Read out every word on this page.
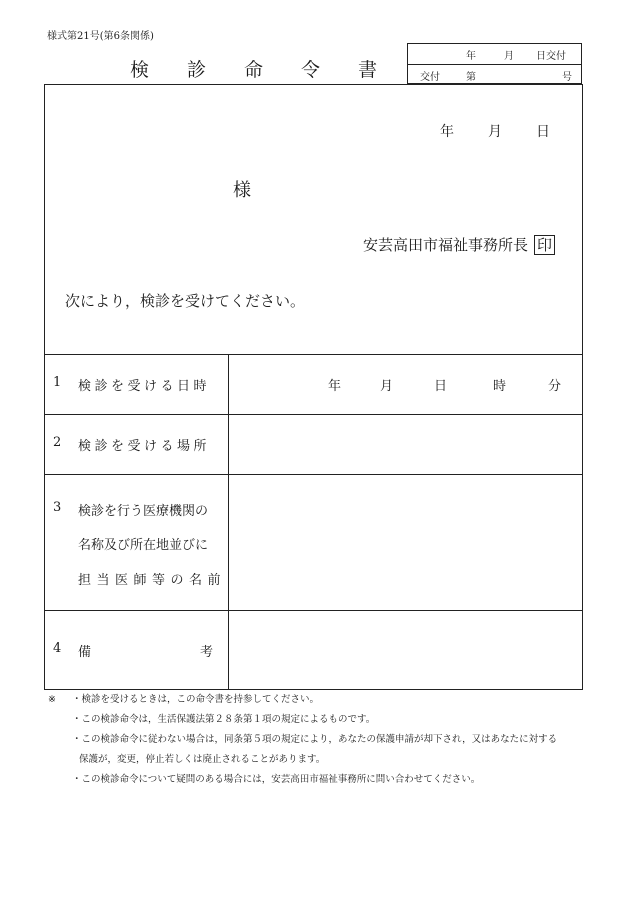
様式第21号(第6条関係)
検 診 命 令 書
年	月 日交付
交付	第	号
年 月 日
様
安芸高田市福祉事務所長 印
次により，検診を受けてください。
1 検診を受ける日時	年	月	日	時	分
2 検診を受ける場所
3 検診を行う医療機関の
名称及び所在地並びに
担当医師等の名前
4 備	考
※ ・検診を受けるときは，この命令書を持参してください。
・この検診命令は，生活保護法第２８条第１項の規定によるものです。
・この検診命令に従わない場合は，同条第５項の規定により，あなたの保護申請が却下され，又はあなたに対する
保護が，変更，停止若しくは廃止されることがあります。
・この検診命令について疑問のある場合には，安芸高田市福祉事務所に問い合わせてください。
